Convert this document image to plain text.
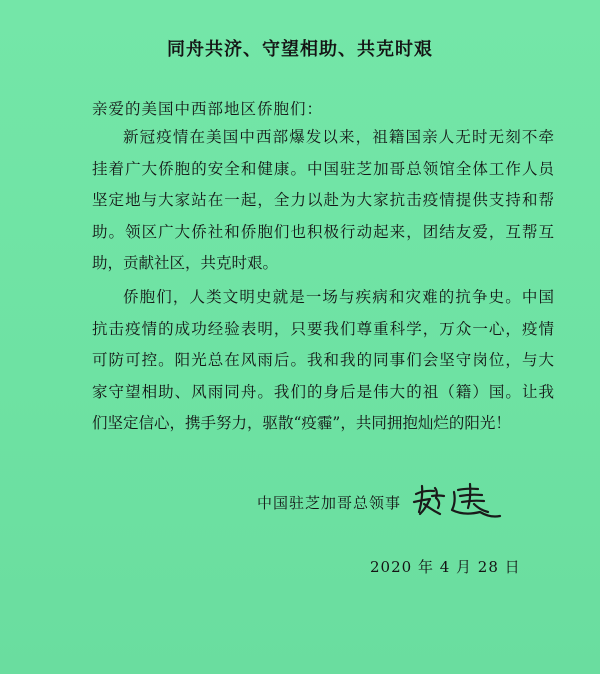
同舟共济、守望相助、共克时艰
亲爱的美国中西部地区侨胞们：
新冠疫情在美国中西部爆发以来，祖籍国亲人无时无刻不牵
挂着广大侨胞的安全和健康。中国驻芝加哥总领馆全体工作人员
坚定地与大家站在一起，全力以赴为大家抗击疫情提供支持和帮
助。领区广大侨社和侨胞们也积极行动起来，团结友爱，互帮互
助，贡献社区，共克时艰。
侨胞们，人类文明史就是一场与疾病和灾难的抗争史。中国
抗击疫情的成功经验表明，只要我们尊重科学，万众一心，疫情
可防可控。阳光总在风雨后。我和我的同事们会坚守岗位，与大
家守望相助、风雨同舟。我们的身后是伟大的祖（籍）国。让我
们坚定信心，携手努力，驱散“疫霾”，共同拥抱灿烂的阳光！
中国驻芝加哥总领事
2020 年 4 月 28 日
